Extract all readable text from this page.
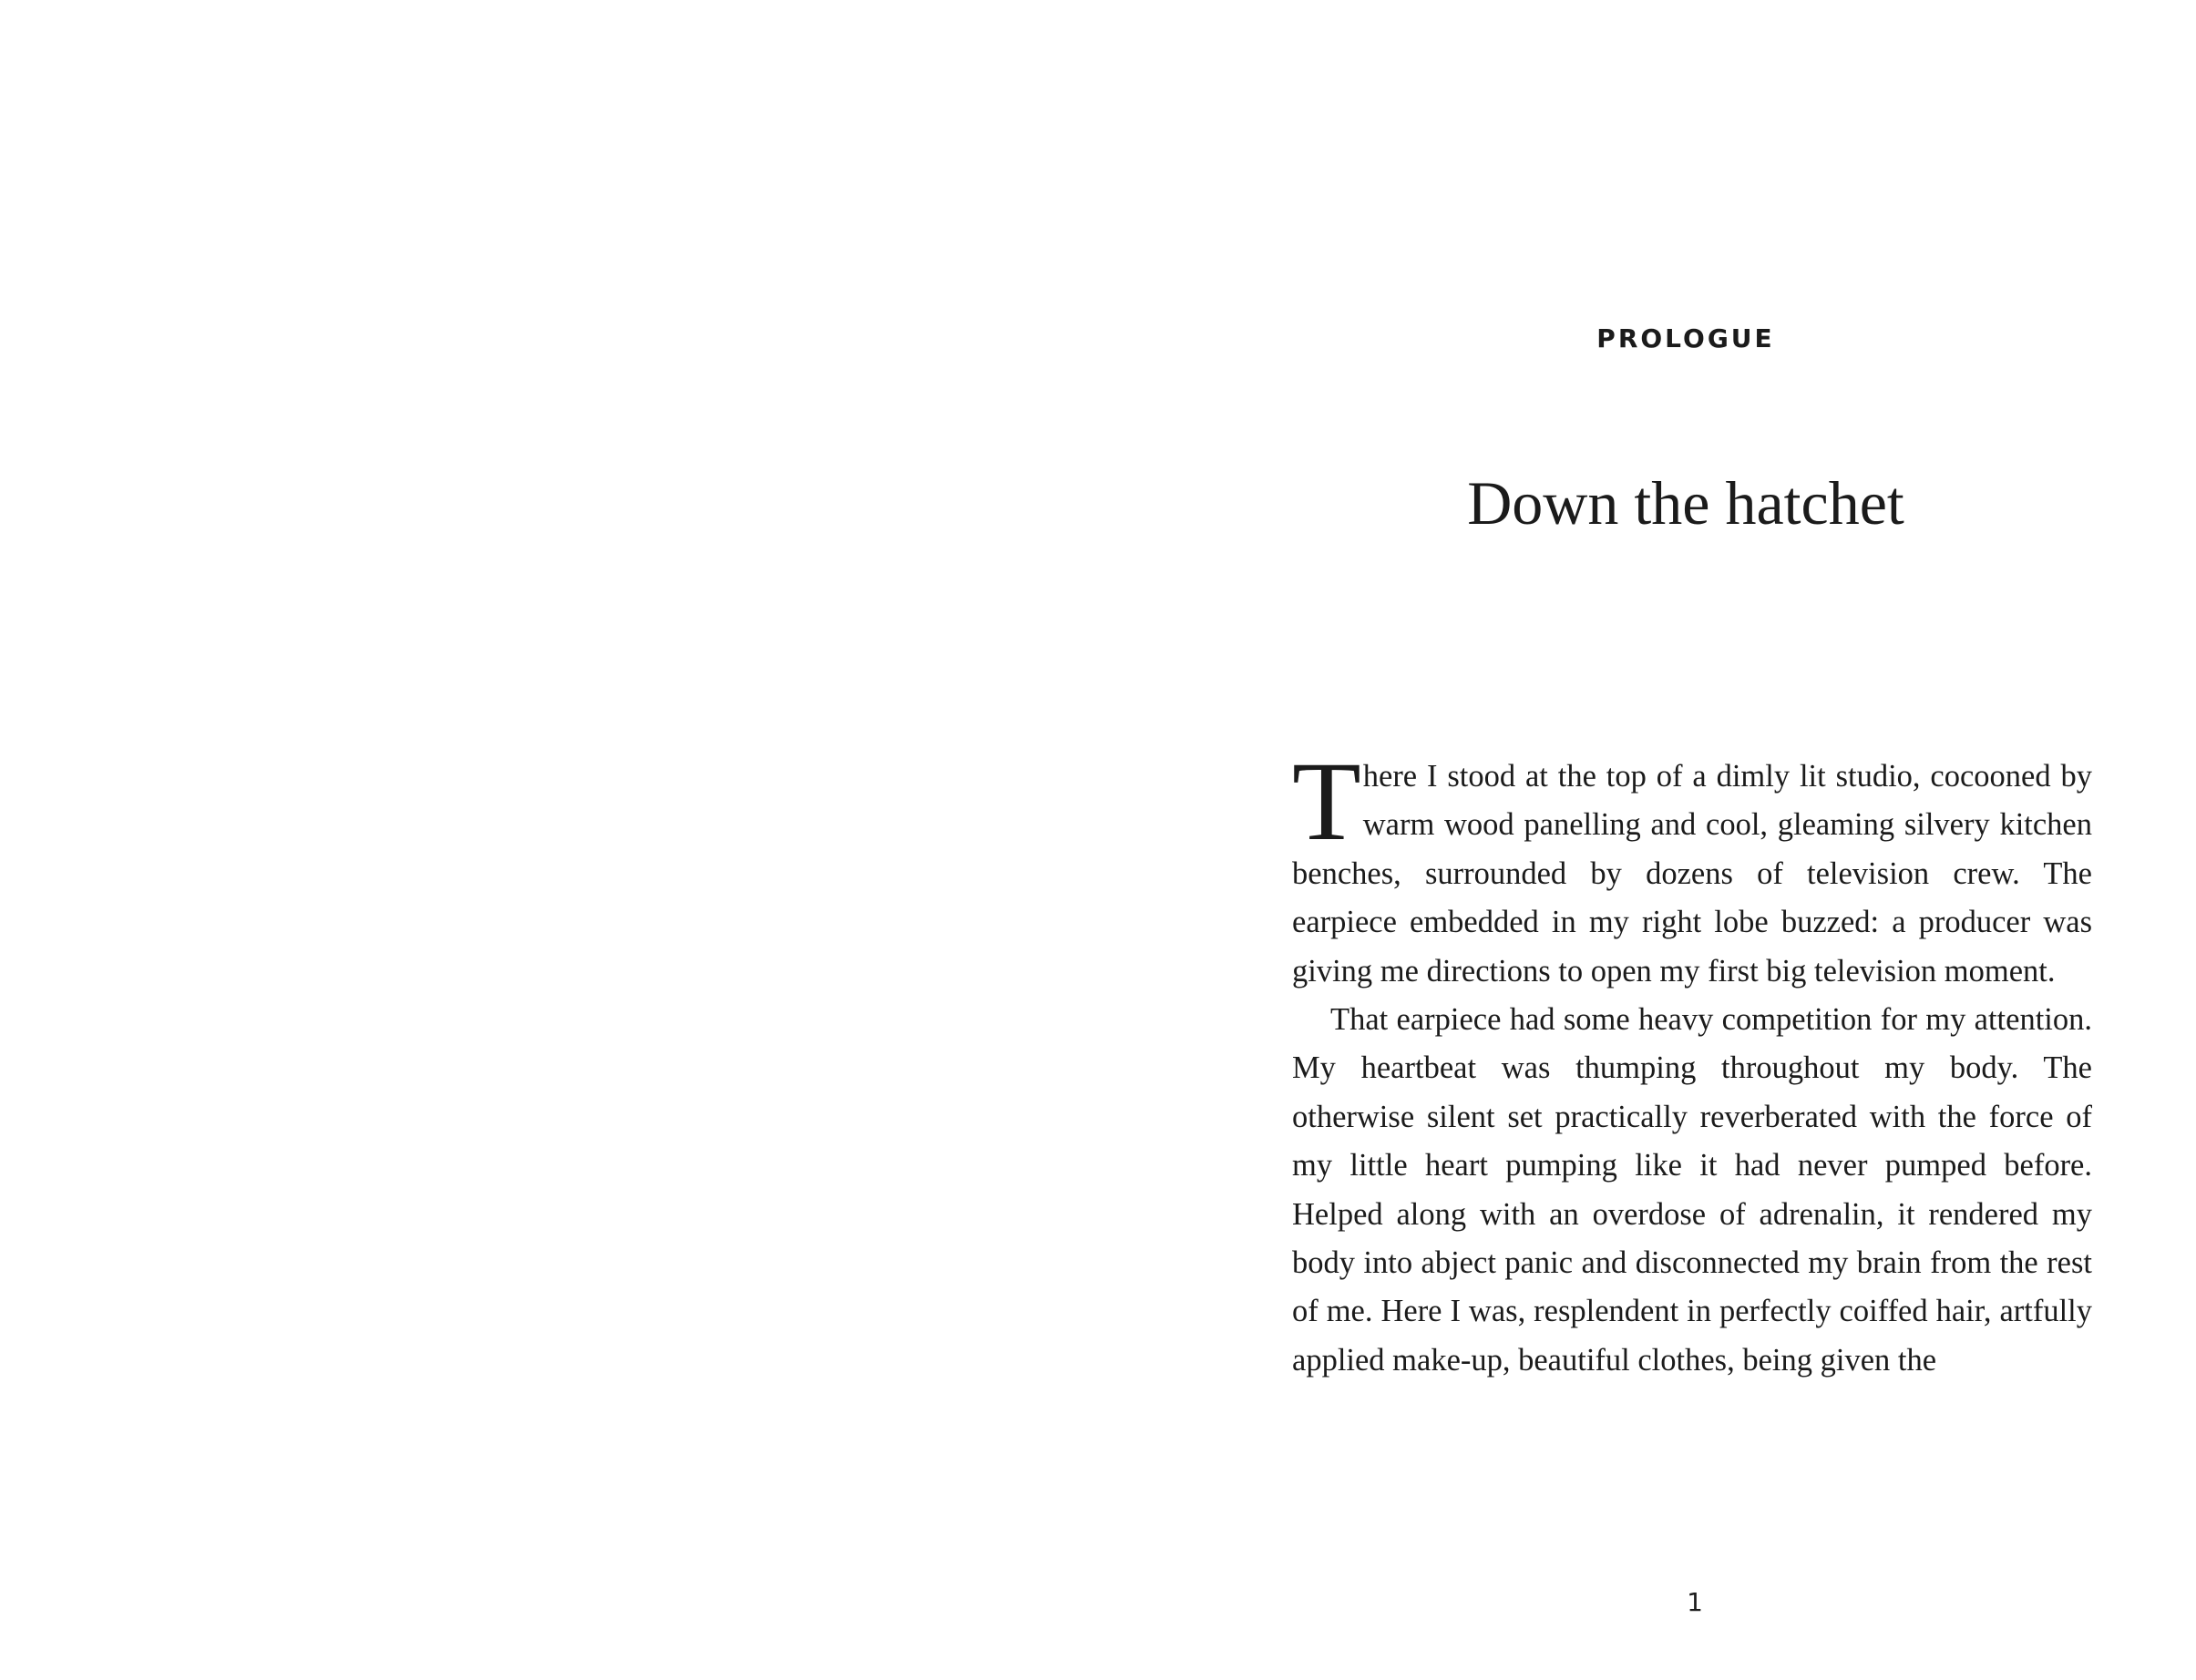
PROLOGUE
Down the hatchet

There I stood at the top of a dimly lit studio, cocooned by warm wood panelling and cool, gleaming silvery kitchen benches, surrounded by dozens of television crew. The earpiece embedded in my right lobe buzzed: a producer was giving me directions to open my first big television moment.

That earpiece had some heavy competition for my attention. My heartbeat was thumping throughout my body. The otherwise silent set practically reverberated with the force of my little heart pumping like it had never pumped before. Helped along with an overdose of adrenalin, it rendered my body into abject panic and disconnected my brain from the rest of me. Here I was, resplendent in perfectly coiffed hair, artfully applied make-up, beautiful clothes, being given the

1
